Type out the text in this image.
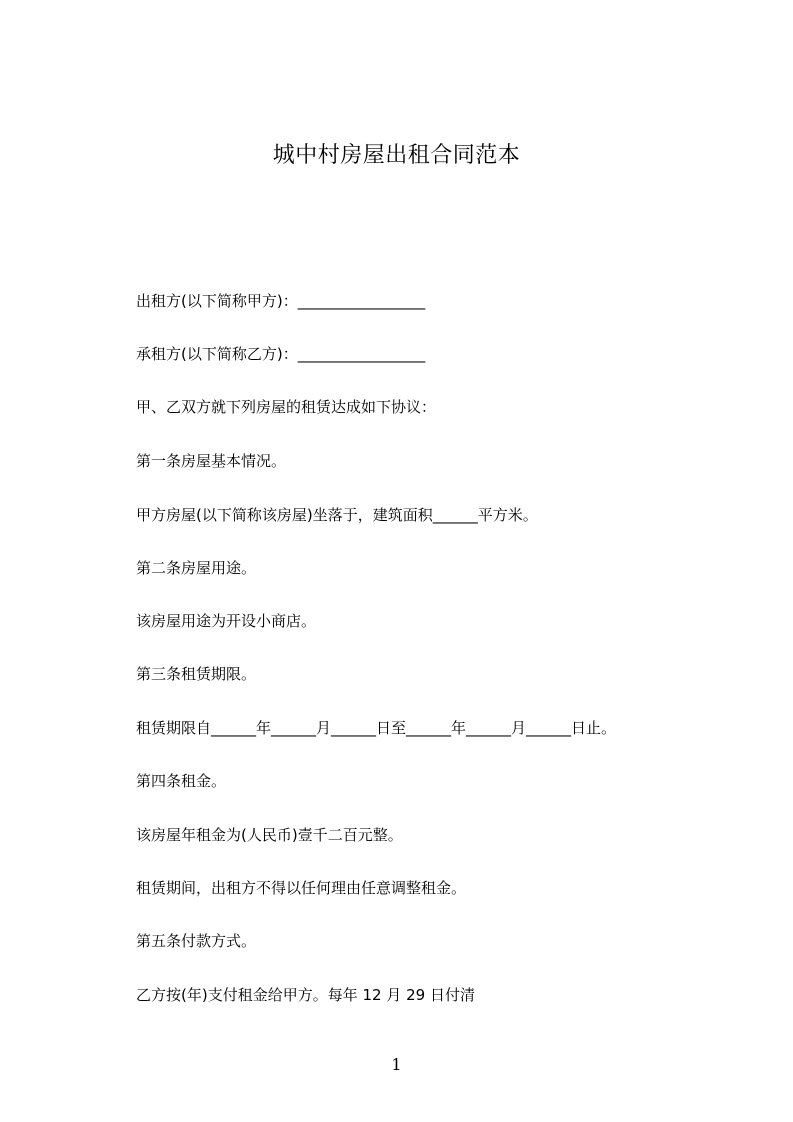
城中村房屋出租合同范本
出租方(以下简称甲方)：_________________
承租方(以下简称乙方)：_________________
甲、乙双方就下列房屋的租赁达成如下协议：
第一条房屋基本情况。
甲方房屋(以下简称该房屋)坐落于，建筑面积______平方米。
第二条房屋用途。
该房屋用途为开设小商店。
第三条租赁期限。
租赁期限自______年______月______日至______年______月______日止。
第四条租金。
该房屋年租金为(人民币)壹千二百元整。
租赁期间，出租方不得以任何理由任意调整租金。
第五条付款方式。
乙方按(年)支付租金给甲方。每年 12 月 29 日付清
1
